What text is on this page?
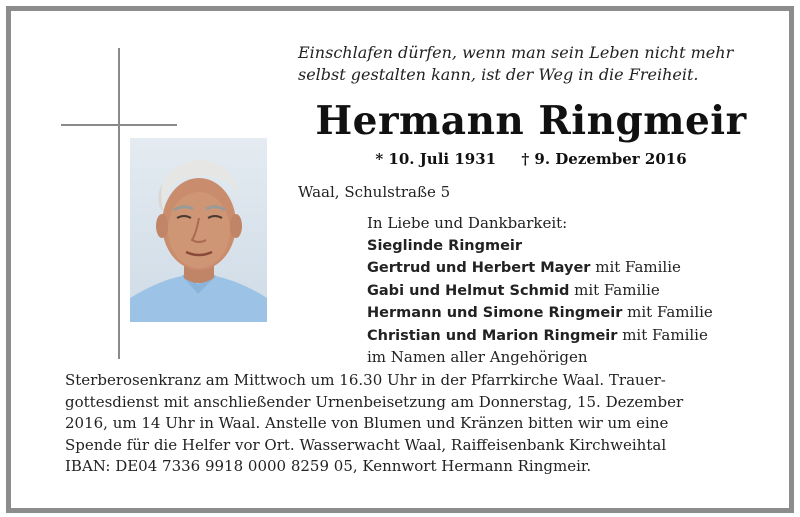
Einschlafen dürfen, wenn man sein Leben nicht mehr
selbst gestalten kann, ist der Weg in die Freiheit.

Hermann Ringmeir
* 10. Juli 1931 † 9. Dezember 2016
Waal, Schulstraße 5
In Liebe und Dankbarkeit:
Sieglinde Ringmeir
Gertrud und Herbert Mayer mit Familie
Gabi und Helmut Schmid mit Familie
Hermann und Simone Ringmeir mit Familie
Christian und Marion Ringmeir mit Familie
im Namen aller Angehörigen
Sterberosenkranz am Mittwoch um 16.30 Uhr in der Pfarrkirche Waal. Trauer-
gottesdienst mit anschließender Urnenbeisetzung am Donnerstag, 15. Dezember
2016, um 14 Uhr in Waal. Anstelle von Blumen und Kränzen bitten wir um eine
Spende für die Helfer vor Ort. Wasserwacht Waal, Raiffeisenbank Kirchweihtal
IBAN: DE04 7336 9918 0000 8259 05, Kennwort Hermann Ringmeir.
